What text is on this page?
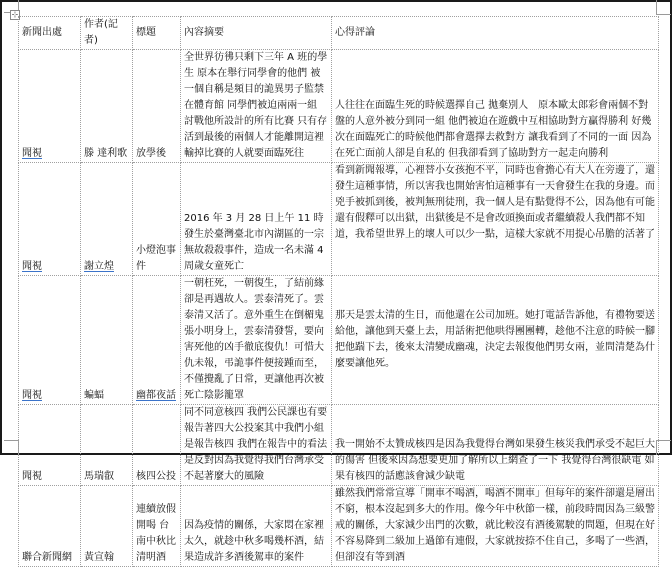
⊹
新聞出處	作者(記者)	標題	內容摘要	心得評論
聞視	滕 達利歌	放學後	全世界彷彿只剩下三年 A 班的學生 原本在舉行同學會的他們 被一個自稱是頻目的詭異男子監禁在體育館 同學們被迫兩兩一組 討戰他所設計的所有比賽 只有存活到最後的兩個人才能離開這裡 輸掉比賽的人就要面臨死往	人往往在面臨生死的時候選擇自己 拋棄別人　原本歐太郎彩會兩個不對盤的人意外被分到同一組 他們被迫在遊戲中互相協助對方贏得勝利 好幾次在面臨死亡的時候他們都會選擇去救對方 讓我看到了不同的一面 因為在死亡面前人卻是自私的 但我卻看到了協助對方一起走向勝利
聞視	謝立煌	小燈泡事件	2016 年 3 月 28 日上午 11 時發生於臺灣臺北市內湖區的一宗無故殺殺事件，造成一名未滿 4 周歲女童死亡	看到新聞報導，心裡替小女孩抱不平，同時也會擔心有大人在旁邊了，還發生這種事情，所以害我也開始害怕這種事有一天會發生在我的身邊。而兇手被抓到後，被判無刑徒刑，我一個人是有點覺得不公，因為他有可能還有假釋可以出獄，出獄後是不是會改頭換面或者繼續殺人我們都不知道，我希望世界上的壞人可以少一點，這樣大家就不用提心吊膽的活著了
聞視	蝙蝠	幽都夜話	一朝枉死，一朝復生，了結前緣卻是再遇故人。雲泰清死了。雲泰清又活了。意外重生在倒楣鬼張小明身上，雲泰清發誓，要向害死他的凶手徹底復仇！可惜大仇未報，弔詭事件便接踵而至，不僅攪亂了日常，更讓他再次被死亡陰影籠罩	那天是雲太清的生日，而他還在公司加班。她打電話告訴他，有禮物要送給他，讓他到天臺上去，用話術把他哄得團團轉，趁他不注意的時候一腳把他踹下去，後來太清變成幽魂，決定去報復他們男女兩，並問清楚為什麼要讓他死。
聞視	馬瑞叡	核四公投	同不同意核四 我們公民課也有要報告著四大公投案其中我們小組是報告核四 我們在報告中的看法是反對因為我覺得我們台灣承受不起著麼大的風險	我一開始不太贊成核四是因為我覺得台灣如果發生核災我們承受不起巨大的傷害 但後來因為想要更加了解所以上網查了一下 我覺得台灣很缺電 如果有核四的話應該會減少缺電
聯合新聞網	黃宣翰	連續放假開喝 台南中秋比清明酒	因為疫情的關係，大家悶在家裡太久，就趁中秋多喝幾杯酒，結果造成許多酒後駕車的案件	雖然我們常常宣導「開車不喝酒，喝酒不開車」但每年的案件卻還是層出不窮，根本沒起到多大的作用。像今年中秋節一樣，前段時間因為三級警戒的關係，大家減少出門的次數，就比較沒有酒後駕駛的問題，但現在好不容易降到二級加上過節有連假，大家就按捺不住自己，多喝了一些酒，但卻沒有等到酒
